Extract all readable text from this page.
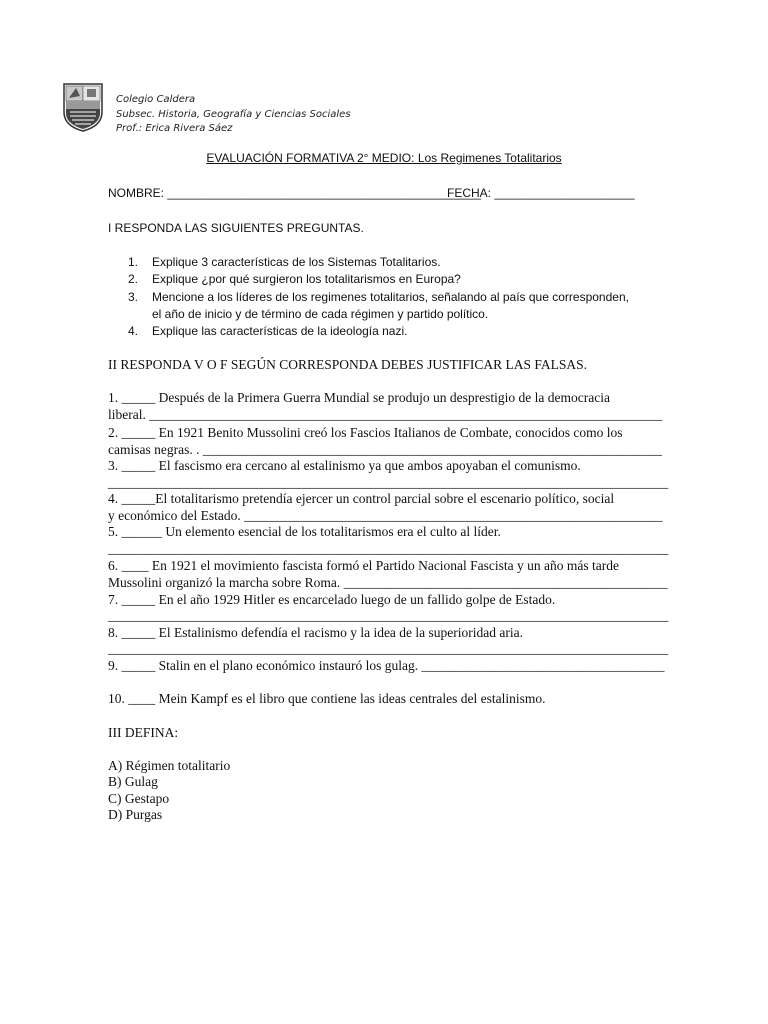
Colegio Caldera
Subsec. Historia, Geografía y Ciencias Sociales
Prof.: Erica Rivera Sáez
EVALUACIÓN FORMATIVA 2° MEDIO: Los Regimenes Totalitarios
NOMBRE: _______________________________________________
FECHA: _____________________
I RESPONDA LAS SIGUIENTES PREGUNTAS.
1. Explique 3 características de los Sistemas Totalitarios.
2. Explique ¿por qué surgieron los totalitarismos en Europa?
3. Mencione a los líderes de los regimenes totalitarios, señalando al país que corresponden,
el año de inicio y de término de cada régimen y partido político.
4. Explique las características de la ideología nazi.
II RESPONDA V O F SEGÚN CORRESPONDA DEBES JUSTIFICAR LAS FALSAS.
1. _____ Después de la Primera Guerra Mundial se produjo un desprestigio de la democracia
liberal. ____________________________________________________________________________
2. _____ En 1921 Benito Mussolini creó los Fascios Italianos de Combate, conocidos como los
camisas negras. . ____________________________________________________________________
3. _____ El fascismo era cercano al estalinismo ya que ambos apoyaban el comunismo.
___________________________________________________________________________________
4. _____El totalitarismo pretendía ejercer un control parcial sobre el escenario político, social
y económico del Estado. ______________________________________________________________
5. ______ Un elemento esencial de los totalitarismos era el culto al líder.
___________________________________________________________________________________
6. ____ En 1921 el movimiento fascista formó el Partido Nacional Fascista y un año más tarde
Mussolini organizó la marcha sobre Roma. ________________________________________________
7. _____ En el año 1929 Hitler es encarcelado luego de un fallido golpe de Estado.
___________________________________________________________________________________
8. _____ El Estalinismo defendía el racismo y la idea de la superioridad aria.
___________________________________________________________________________________
9. _____ Stalin en el plano económico instauró los gulag. ____________________________________
10. ____ Mein Kampf es el libro que contiene las ideas centrales del estalinismo.
III DEFINA:
A) Régimen totalitario
B) Gulag
C) Gestapo
D) Purgas
